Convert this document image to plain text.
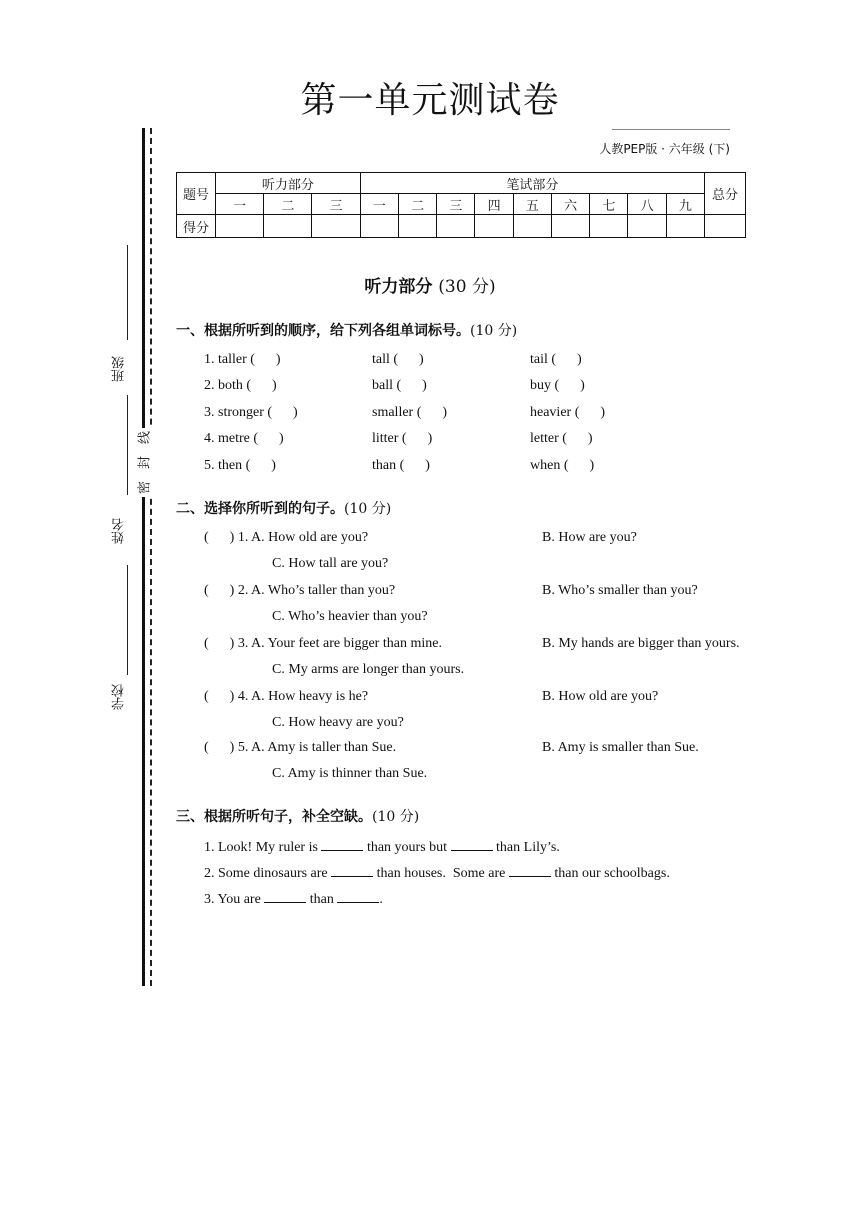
第一单元测试卷
人教PEP版 · 六年级 (下)
班级
姓名
学校
线
封
密
题号	听力部分			笔试部分									总分
	一	二	三	一	二	三	四	五	六	七	八	九	
得分													
听力部分 (30 分)
一、根据所听到的顺序，给下列各组单词标号。(10 分)
1. taller (      )	tall (      )	tail (      )
2. both (      )	ball (      )	buy (      )
3. stronger (      )	smaller (      )	heavier (      )
4. metre (      )	litter (      )	letter (      )
5. then (      )	than (      )	when (      )
二、选择你所听到的句子。(10 分)
(      ) 1. A. How old are you?	B. How are you?
C. How tall are you?
(      ) 2. A. Who’s taller than you?	B. Who’s smaller than you?
C. Who’s heavier than you?
(      ) 3. A. Your feet are bigger than mine.	B. My hands are bigger than yours.
C. My arms are longer than yours.
(      ) 4. A. How heavy is he?	B. How old are you?
C. How heavy are you?
(      ) 5. A. Amy is taller than Sue.	B. Amy is smaller than Sue.
C. Amy is thinner than Sue.
三、根据所听句子，补全空缺。(10 分)
1. Look! My ruler is	than yours but	than Lily’s.
2. Some dinosaurs are	than houses.  Some are	than our schoolbags.
3. You are	than	.
